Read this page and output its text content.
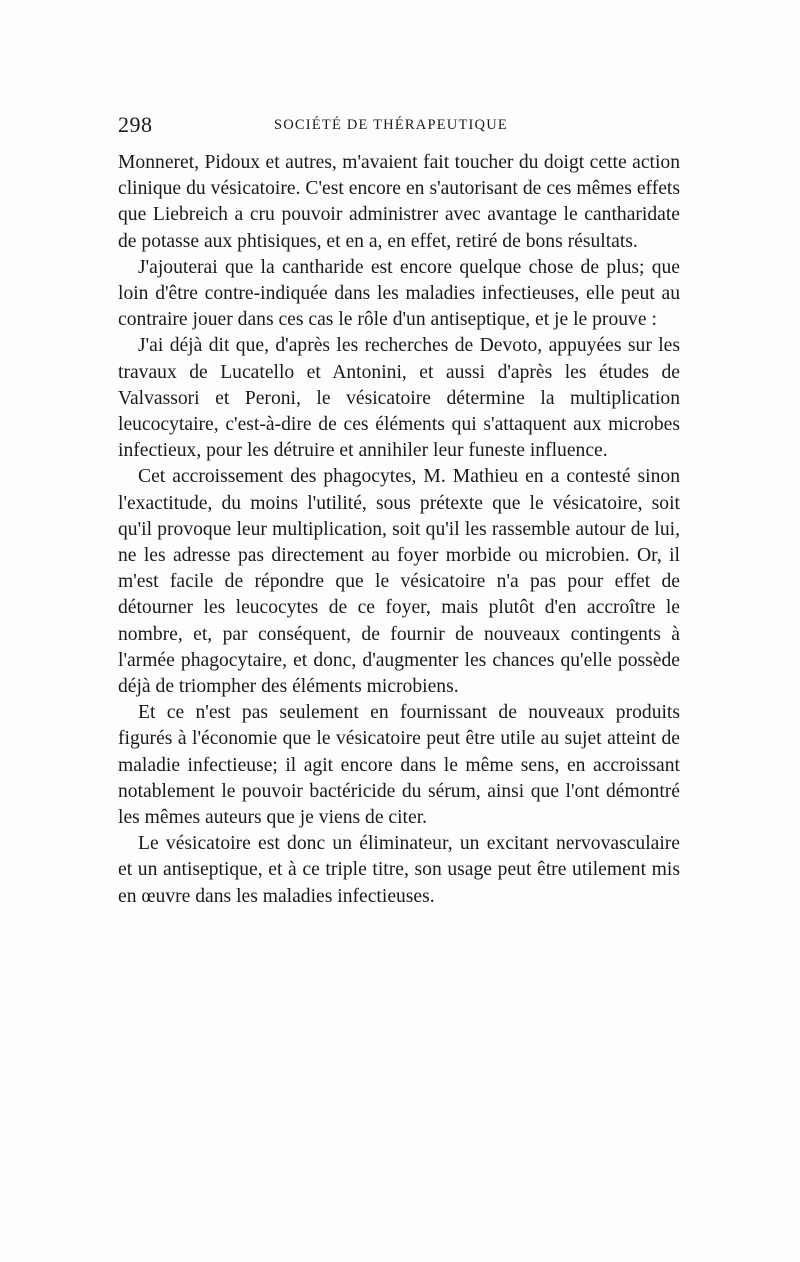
298	SOCIÉTÉ DE THÉRAPEUTIQUE

Monneret, Pidoux et autres, m'avaient fait toucher du doigt cette action clinique du vésicatoire. C'est encore en s'autorisant de ces mêmes effets que Liebreich a cru pouvoir administrer avec avantage le cantharidate de potasse aux phtisiques, et en a, en effet, retiré de bons résultats.

J'ajouterai que la cantharide est encore quelque chose de plus; que loin d'être contre-indiquée dans les maladies infectieuses, elle peut au contraire jouer dans ces cas le rôle d'un antiseptique, et je le prouve :

J'ai déjà dit que, d'après les recherches de Devoto, appuyées sur les travaux de Lucatello et Antonini, et aussi d'après les études de Valvassori et Peroni, le vésicatoire détermine la multiplication leucocytaire, c'est-à-dire de ces éléments qui s'attaquent aux microbes infectieux, pour les détruire et annihiler leur funeste influence.

Cet accroissement des phagocytes, M. Mathieu en a contesté sinon l'exactitude, du moins l'utilité, sous prétexte que le vésicatoire, soit qu'il provoque leur multiplication, soit qu'il les rassemble autour de lui, ne les adresse pas directement au foyer morbide ou microbien. Or, il m'est facile de répondre que le vésicatoire n'a pas pour effet de détourner les leucocytes de ce foyer, mais plutôt d'en accroître le nombre, et, par conséquent, de fournir de nouveaux contingents à l'armée phagocytaire, et donc, d'augmenter les chances qu'elle possède déjà de triompher des éléments microbiens.

Et ce n'est pas seulement en fournissant de nouveaux produits figurés à l'économie que le vésicatoire peut être utile au sujet atteint de maladie infectieuse; il agit encore dans le même sens, en accroissant notablement le pouvoir bactéricide du sérum, ainsi que l'ont démontré les mêmes auteurs que je viens de citer.

Le vésicatoire est donc un éliminateur, un excitant nervovasculaire et un antiseptique, et à ce triple titre, son usage peut être utilement mis en œuvre dans les maladies infectieuses.
